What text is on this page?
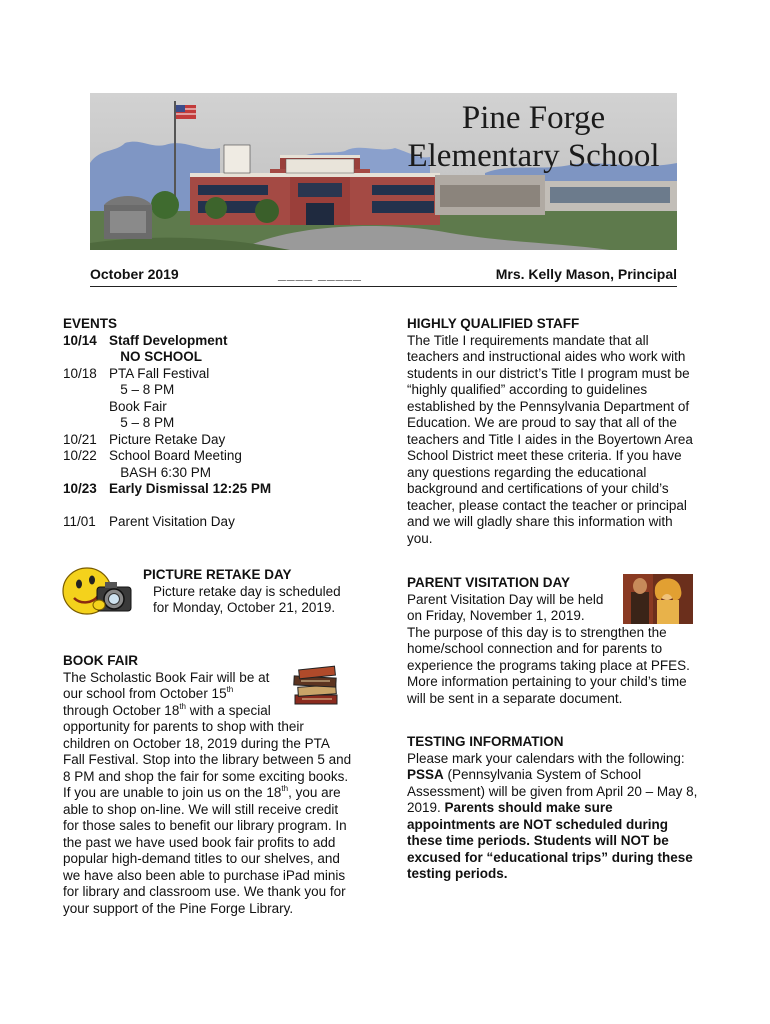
Pine Forge
Elementary School
October 2019	____ _____	Mrs. Kelly Mason, Principal
EVENTS
10/14 Staff Development
NO SCHOOL
10/18 PTA Fall Festival
5 – 8 PM
Book Fair
5 – 8 PM
10/21 Picture Retake Day
10/22 School Board Meeting
BASH 6:30 PM
10/23 Early Dismissal 12:25 PM
11/01 Parent Visitation Day
HIGHLY QUALIFIED STAFF
The Title I requirements mandate that all
teachers and instructional aides who work with
students in our district’s Title I program must be
“highly qualified” according to guidelines
established by the Pennsylvania Department of
Education. We are proud to say that all of the
teachers and Title I aides in the Boyertown Area
School District meet these criteria. If you have
any questions regarding the educational
background and certifications of your child’s
teacher, please contact the teacher or principal
and we will gladly share this information with
you.
PICTURE RETAKE DAY
Picture retake day is scheduled
for Monday, October 21, 2019.
PARENT VISITATION DAY
Parent Visitation Day will be held
on Friday, November 1, 2019.
The purpose of this day is to strengthen the
home/school connection and for parents to
experience the programs taking place at PFES.
More information pertaining to your child’s time
will be sent in a separate document.
BOOK FAIR
The Scholastic Book Fair will be at
our school from October 15th
through October 18th with a special
opportunity for parents to shop with their
children on October 18, 2019 during the PTA
Fall Festival. Stop into the library between 5 and
8 PM and shop the fair for some exciting books.
If you are unable to join us on the 18th, you are
able to shop on-line. We will still receive credit
for those sales to benefit our library program. In
the past we have used book fair profits to add
popular high-demand titles to our shelves, and
we have also been able to purchase iPad minis
for library and classroom use. We thank you for
your support of the Pine Forge Library.
TESTING INFORMATION
Please mark your calendars with the following:
PSSA (Pennsylvania System of School
Assessment) will be given from April 20 – May 8,
2019. Parents should make sure
appointments are NOT scheduled during
these time periods. Students will NOT be
excused for “educational trips” during these
testing periods.
